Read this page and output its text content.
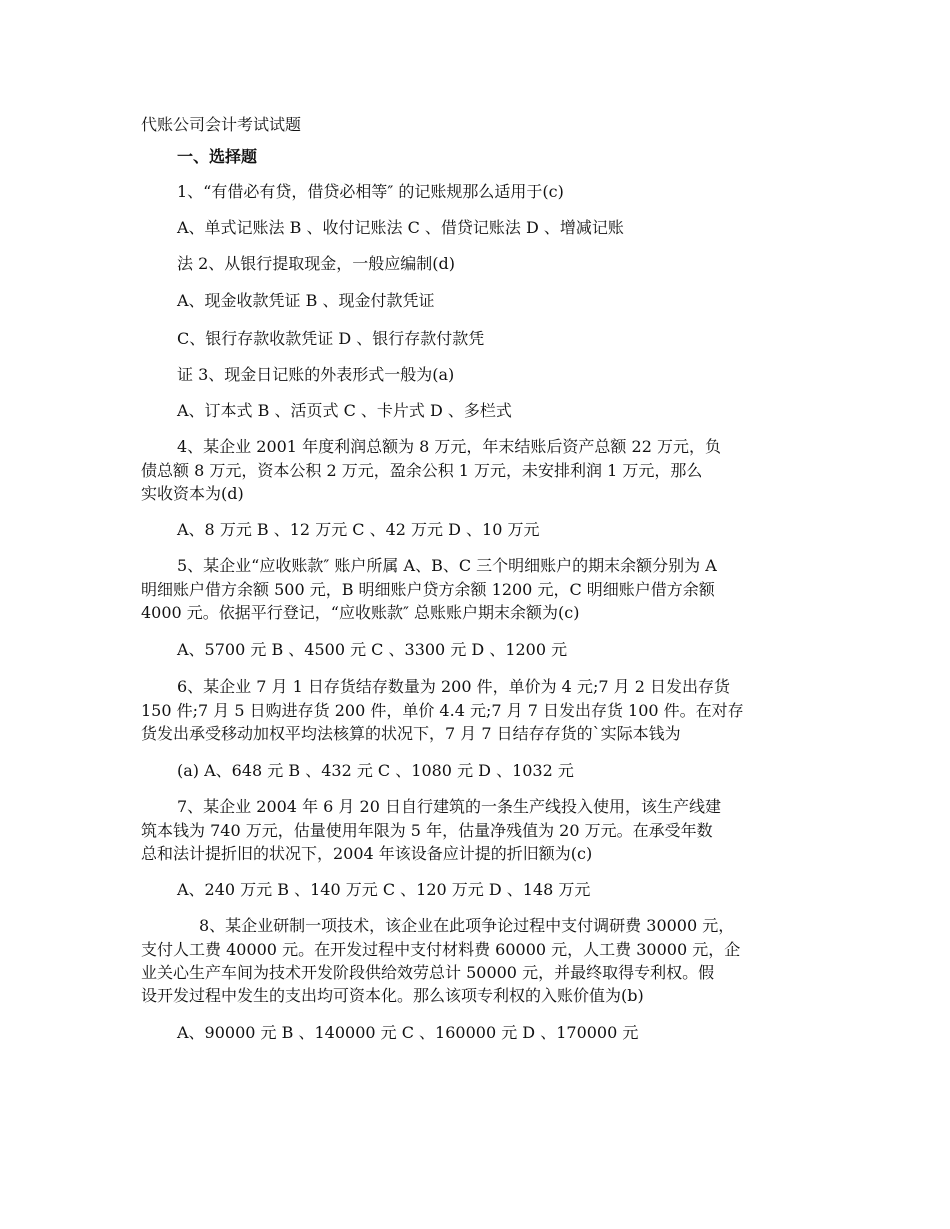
代账公司会计考试试题
一、选择题
1、“有借必有贷，借贷必相等″ 的记账规那么适用于(c)
A、单式记账法 B 、收付记账法 C 、借贷记账法 D 、增减记账
法 2、从银行提取现金，一般应编制(d)
A、现金收款凭证 B 、现金付款凭证
C、银行存款收款凭证 D 、银行存款付款凭
证 3、现金日记账的外表形式一般为(a)
A、订本式 B 、活页式 C 、卡片式 D 、多栏式
4、某企业 2001 年度利润总额为 8 万元，年末结账后资产总额 22 万元，负
债总额 8 万元，资本公积 2 万元，盈余公积 1 万元，未安排利润 1 万元，那么
实收资本为(d)
A、8 万元 B 、12 万元 C 、42 万元 D 、10 万元
5、某企业“应收账款″ 账户所属 A、B、C 三个明细账户的期末余额分别为 A
明细账户借方余额 500 元，B 明细账户贷方余额 1200 元，C 明细账户借方余额
4000 元。依据平行登记，“应收账款″ 总账账户期末余额为(c)
A、5700 元 B 、4500 元 C 、3300 元 D 、1200 元
6、某企业 7 月 1 日存货结存数量为 200 件，单价为 4 元;7 月 2 日发出存货
150 件;7 月 5 日购进存货 200 件，单价 4.4 元;7 月 7 日发出存货 100 件。在对存
货发出承受移动加权平均法核算的状况下，7 月 7 日结存存货的`实际本钱为
(a) A、648 元 B 、432 元 C 、1080 元 D 、1032 元
7、某企业 2004 年 6 月 20 日自行建筑的一条生产线投入使用，该生产线建
筑本钱为 740 万元，估量使用年限为 5 年，估量净残值为 20 万元。在承受年数
总和法计提折旧的状况下，2004 年该设备应计提的折旧额为(c)
A、240 万元 B 、140 万元 C 、120 万元 D 、148 万元
8、某企业研制一项技术，该企业在此项争论过程中支付调研费 30000 元，
支付人工费 40000 元。在开发过程中支付材料费 60000 元，人工费 30000 元，企
业关心生产车间为技术开发阶段供给效劳总计 50000 元，并最终取得专利权。假
设开发过程中发生的支出均可资本化。那么该项专利权的入账价值为(b)
A、90000 元 B 、140000 元 C 、160000 元 D 、170000 元
